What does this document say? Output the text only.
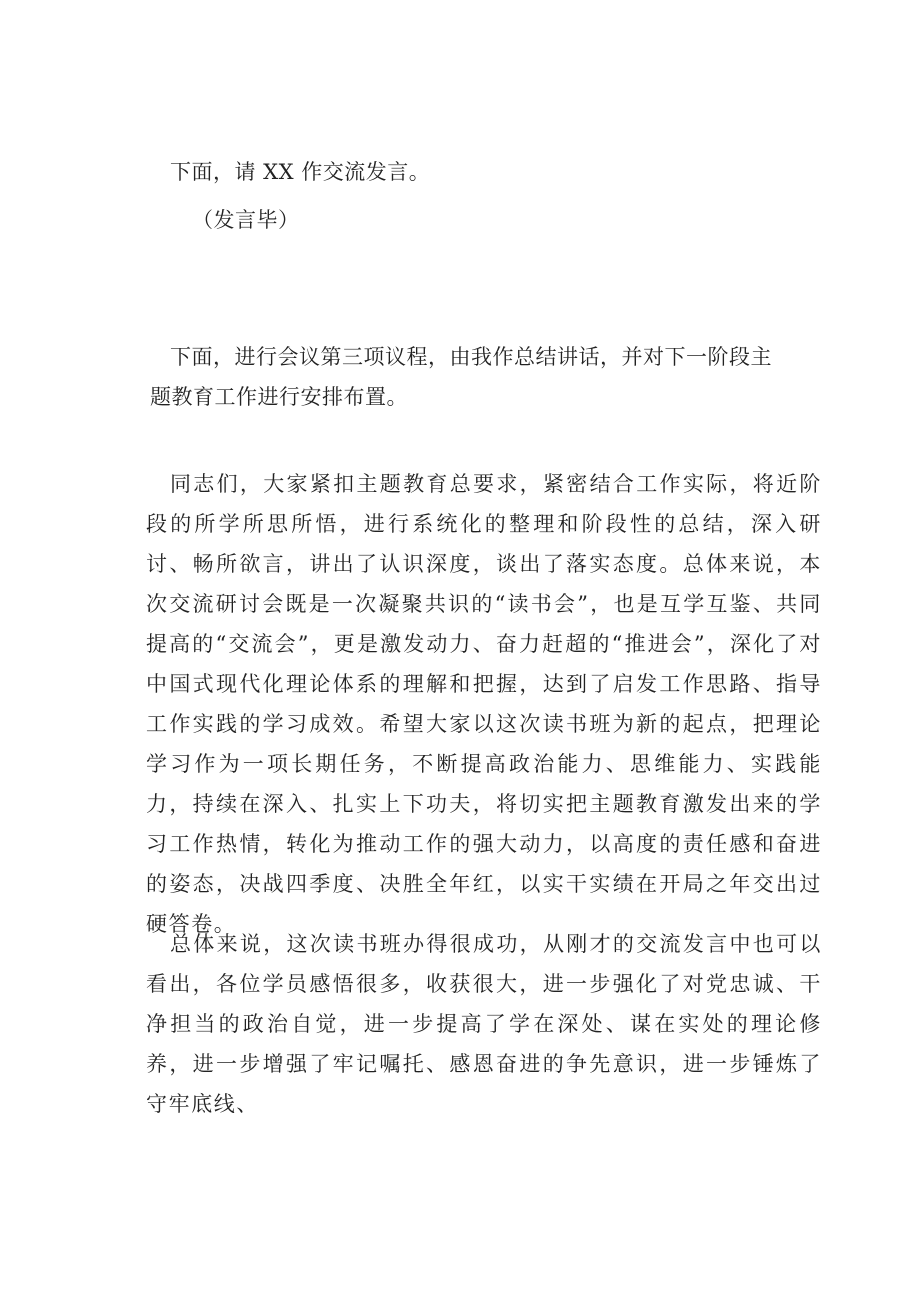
下面，请 XX 作交流发言。
（发言毕）
下面，进行会议第三项议程，由我作总结讲话，并对下一阶段主
题教育工作进行安排布置。
同志们，大家紧扣主题教育总要求，紧密结合工作实际，将近阶段的所学所思所悟，进行系统化的整理和阶段性的总结，深入研讨、畅所欲言，讲出了认识深度，谈出了落实态度。总体来说，本次交流研讨会既是一次凝聚共识的“读书会”，也是互学互鉴、共同提高的“交流会”，更是激发动力、奋力赶超的“推进会”，深化了对中国式现代化理论体系的理解和把握，达到了启发工作思路、指导工作实践的学习成效。希望大家以这次读书班为新的起点，把理论学习作为一项长期任务，不断提高政治能力、思维能力、实践能力，持续在深入、扎实上下功夫，将切实把主题教育激发出来的学习工作热情，转化为推动工作的强大动力，以高度的责任感和奋进的姿态，决战四季度、决胜全年红，以实干实绩在开局之年交出过硬答卷。
总体来说，这次读书班办得很成功，从刚才的交流发言中也可以看出，各位学员感悟很多，收获很大，进一步强化了对党忠诚、干净担当的政治自觉，进一步提高了学在深处、谋在实处的理论修养，进一步增强了牢记嘱托、感恩奋进的争先意识，进一步锤炼了守牢底线、
